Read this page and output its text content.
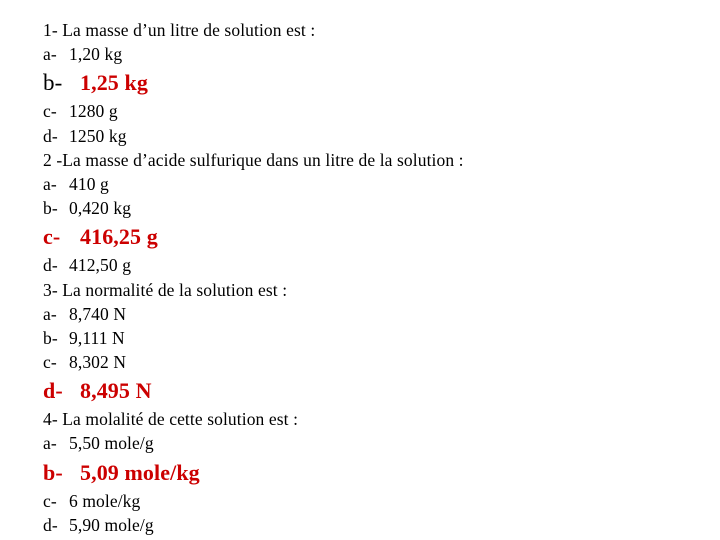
1- La masse d’un litre de solution est :
a- 1,20 kg
b- 1,25 kg
c- 1280 g
d- 1250 kg
2 -La masse d’acide sulfurique dans un litre de la solution :
a- 410 g
b- 0,420 kg
c- 416,25 g
d- 412,50 g
3- La normalité de la solution est :
a- 8,740 N
b- 9,111 N
c- 8,302 N
d- 8,495 N
4- La molalité de cette solution est :
a- 5,50 mole/g
b- 5,09 mole/kg
c- 6 mole/kg
d- 5,90 mole/g
